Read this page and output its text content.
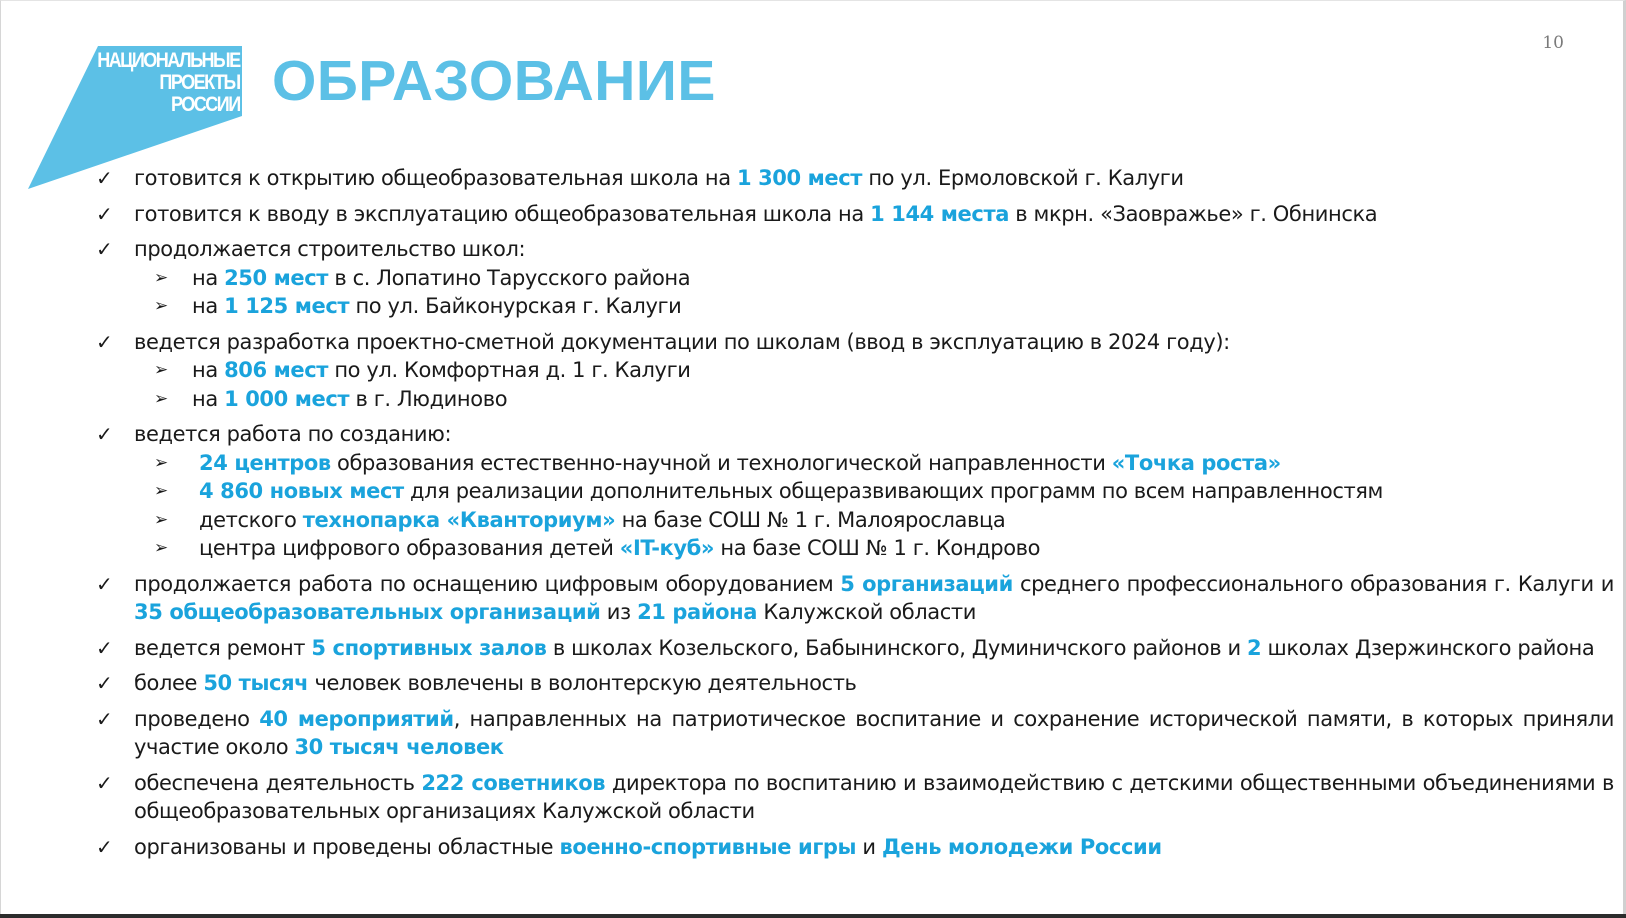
10
НАЦИОНАЛЬНЫЕ
ПРОЕКТЫ
РОССИИ ОБРАЗОВАНИЕ
✓	готовится к открытию общеобразовательная школа на 1 300 мест по ул. Ермоловской г. Калуги
✓	готовится к вводу в эксплуатацию общеобразовательная школа на 1 144 места в мкрн. «Заовражье» г. Обнинска
✓	продолжается строительство школ:
➢	на 250 мест в с. Лопатино Тарусского района
➢	на 1 125 мест по ул. Байконурская г. Калуги
✓	ведется разработка проектно-сметной документации по школам (ввод в эксплуатацию в 2024 году):
➢	на 806 мест по ул. Комфортная д. 1 г. Калуги
➢	на 1 000 мест в г. Людиново
✓	ведется работа по созданию:
➢	24 центров образования естественно-научной и технологической направленности «Точка роста»
➢	4 860 новых мест для реализации дополнительных общеразвивающих программ по всем направленностям
➢	детского технопарка «Кванториум» на базе СОШ № 1 г. Малоярославца
➢	центра цифрового образования детей «IT-куб» на базе СОШ № 1 г. Кондрово
✓	продолжается работа по оснащению цифровым оборудованием 5 организаций среднего профессионального образования г. Калуги и 35 общеобразовательных организаций из 21 района Калужской области
✓	ведется ремонт 5 спортивных залов в школах Козельского, Бабынинского, Думиничского районов и 2 школах Дзержинского района
✓	более 50 тысяч человек вовлечены в волонтерскую деятельность
✓	проведено 40 мероприятий, направленных на патриотическое воспитание и сохранение исторической памяти, в которых приняли участие около 30 тысяч человек
✓	обеспечена деятельность 222 советников директора по воспитанию и взаимодействию с детскими общественными объединениями в общеобразовательных организациях Калужской области
✓	организованы и проведены областные военно-спортивные игры и День молодежи России
